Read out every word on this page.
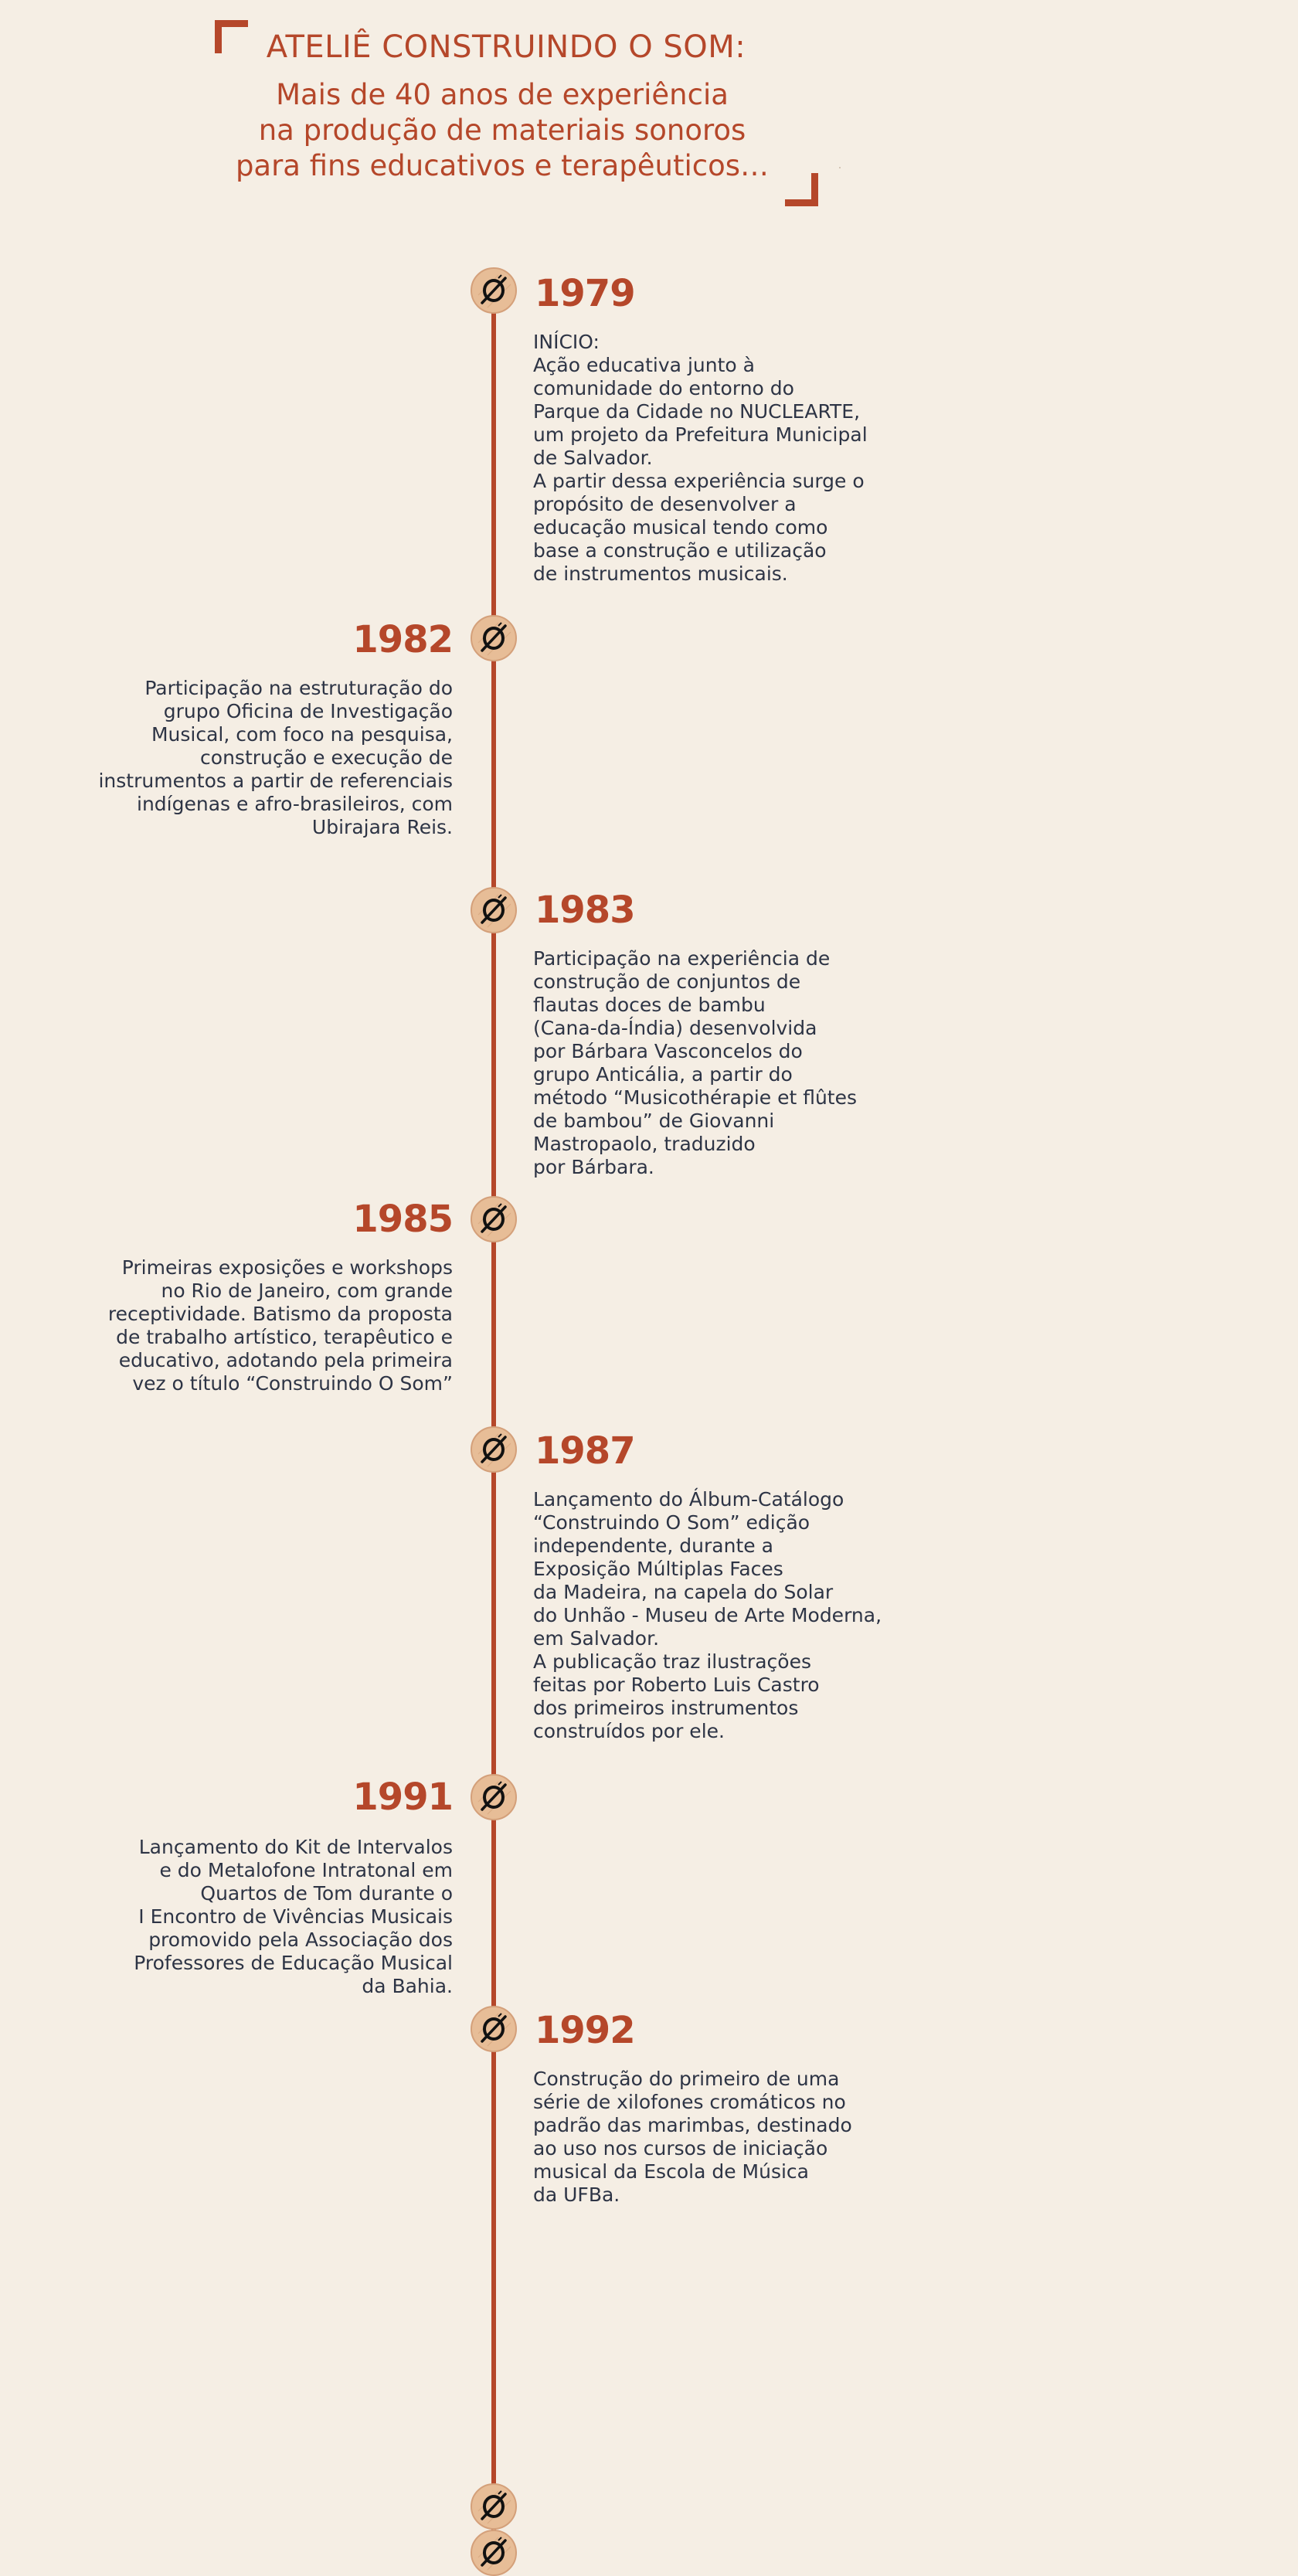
ATELIÊ CONSTRUINDO O SOM:
Mais de 40 anos de experiência
na produção de materiais sonoros
para fins educativos e terapêuticos…
1979
INÍCIO:
Ação educativa junto à
comunidade do entorno do
Parque da Cidade no NUCLEARTE,
um projeto da Prefeitura Municipal
de Salvador.
A partir dessa experiência surge o
propósito de desenvolver a
educação musical tendo como
base a construção e utilização
de instrumentos musicais.
1982
Participação na estruturação do
grupo Oficina de Investigação
Musical, com foco na pesquisa,
construção e execução de
instrumentos a partir de referenciais
indígenas e afro-brasileiros, com
Ubirajara Reis.
1983
Participação na experiência de
construção de conjuntos de
flautas doces de bambu
(Cana-da-Índia) desenvolvida
por Bárbara Vasconcelos do
grupo Anticália, a partir do
método “Musicothérapie et flûtes
de bambou” de Giovanni
Mastropaolo, traduzido
por Bárbara.
1985
Primeiras exposições e workshops
no Rio de Janeiro, com grande
receptividade. Batismo da proposta
de trabalho artístico, terapêutico e
educativo, adotando pela primeira
vez o título “Construindo O Som”
1987
Lançamento do Álbum-Catálogo
“Construindo O Som” edição
independente, durante a
Exposição Múltiplas Faces
da Madeira, na capela do Solar
do Unhão - Museu de Arte Moderna,
em Salvador.
A publicação traz ilustrações
feitas por Roberto Luis Castro
dos primeiros instrumentos
construídos por ele.
1991
Lançamento do Kit de Intervalos
e do Metalofone Intratonal em
Quartos de Tom durante o
I Encontro de Vivências Musicais
promovido pela Associação dos
Professores de Educação Musical
da Bahia.
1992
Construção do primeiro de uma
série de xilofones cromáticos no
padrão das marimbas, destinado
ao uso nos cursos de iniciação
musical da Escola de Música
da UFBa.
